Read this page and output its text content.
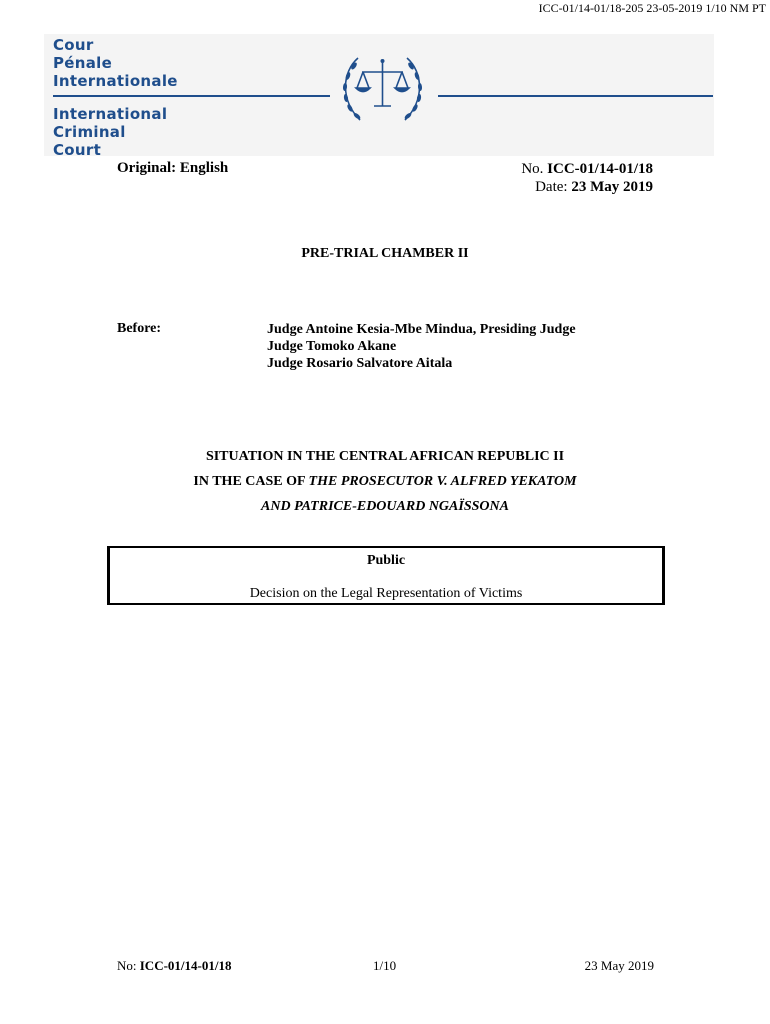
ICC-01/14-01/18-205 23-05-2019 1/10 NM PT
Cour
Pénale
Internationale
International
Criminal
Court
Original: English	No. ICC-01/14-01/18
Date: 23 May 2019
PRE-TRIAL CHAMBER II
Before:	Judge Antoine Kesia-Mbe Mindua, Presiding Judge
Judge Tomoko Akane
Judge Rosario Salvatore Aitala
SITUATION IN THE CENTRAL AFRICAN REPUBLIC II
IN THE CASE OF THE PROSECUTOR V. ALFRED YEKATOM
AND PATRICE-EDOUARD NGAÏSSONA
Public
Decision on the Legal Representation of Victims
No: ICC-01/14-01/18	1/10	23 May 2019
